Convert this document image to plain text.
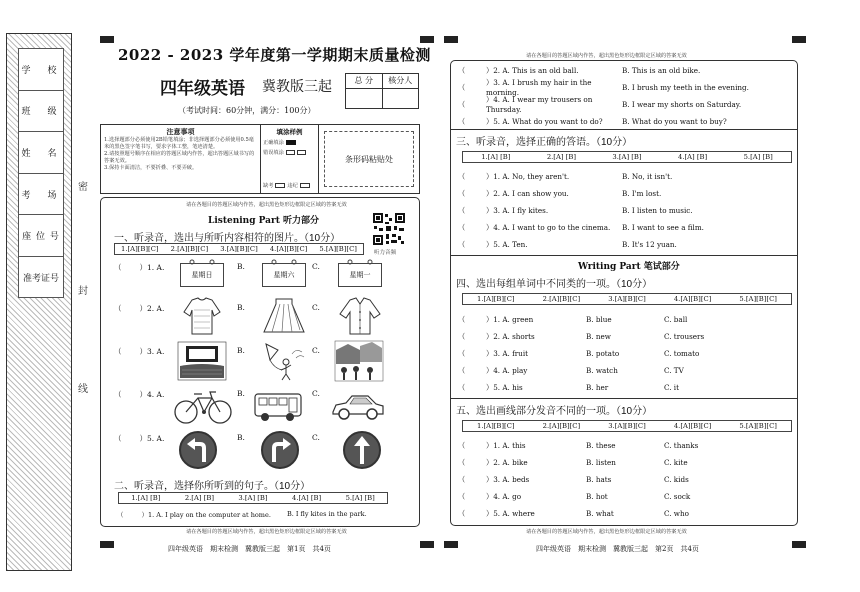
学　校
班　级
姓　名
考　场
座 位 号
准考证号
密
封
线
2022 - 2023 学年度第一学期期末质量检测
四年级英语 冀教版三起	总 分	核分人
（考试时间：60分钟，满分：100分）
注意事项
1.选择题部分必须使用2B铅笔填涂；非选择题部分必须使用0.5毫米的黑色签字笔书写，要求字体工整，笔迹清楚。
2.请按照题号顺序在相应的答题区域内作答，超出答题区域书写的答案无效。
3.保持卡面清洁，不要折叠、不要弄破。
填涂样例
正确填涂
错误填涂
缺考	违纪
条形码粘贴处
请在各题目的答题区域内作答，超出黑色矩形边框限定区域的答案无效
Listening Part 听力部分
听力音频
一、听录音，选出与所听内容相符的图片。（10分）
1.[A][B][C] 2.[A][B][C] 3.[A][B][C] 4.[A][B][C] 5.[A][B][C]
（ ）1. A.	B.	C.
星期日	星期六	星期一
（ ）2. A.	B.	C.
（ ）3. A.	B.	C.
（ ）4. A.	B.	C.
（ ）5. A.	B.	C.
二、听录音，选择你所听到的句子。（10分）
1.[A] [B]	2.[A] [B]	3.[A] [B]	4.[A] [B]	5.[A] [B]
（	）1. A. I play on the computer at home. B. I fly kites in the park.
请在各题目的答题区域内作答，超出黑色矩形边框限定区域的答案无效
四年级英语　期末检测　冀教版三起　第1页　共4页
请在各题目的答题区域内作答，超出黑色矩形边框限定区域的答案无效
（	）2. A. This is an old ball.	B. This is an old bike.
（	）3. A. I brush my hair in the morning.
B. I brush my teeth in the evening.
（	）4. A. I wear my trousers on Thursday.
B. I wear my shorts on Saturday.
（	）5. A. What do you want to do?	B. What do you want to buy?
三、听录音，选择正确的答语。（10分）
1.[A] [B]	2.[A] [B]	3.[A] [B]	4.[A] [B]	5.[A] [B]
（	）1. A. No, they aren't.	B. No, it isn't.
（	）2. A. I can show you.	B. I'm lost.
（	）3. A. I fly kites.	B. I listen to music.
（	）4. A. I want to go to the cinema.	B. I want to see a film.
（	）5. A. Ten.	B. It's 12 yuan.
Writing Part 笔试部分
四、选出每组单词中不同类的一项。（10分）
1.[A][B][C]	2.[A][B][C]	3.[A][B][C]	4.[A][B][C]	5.[A][B][C]
（	）1. A. green	B. blue	C. ball
（	）2. A. shorts	B. new	C. trousers
（	）3. A. fruit	B. potato	C. tomato
（	）4. A. play	B. watch	C. TV
（	）5. A. his	B. her	C. it
五、选出画线部分发音不同的一项。（10分）
1.[A][B][C]	2.[A][B][C]	3.[A][B][C]	4.[A][B][C]	5.[A][B][C]
（	）1. A. this	B. these	C. thanks
（	）2. A. bike	B. listen	C. kite
（	）3. A. beds	B. hats	C. kids
（	）4. A. go	B. hot	C. sock
（	）5. A. where	B. what	C. who
请在各题目的答题区域内作答，超出黑色矩形边框限定区域的答案无效
四年级英语　期末检测　冀教版三起　第2页　共4页
